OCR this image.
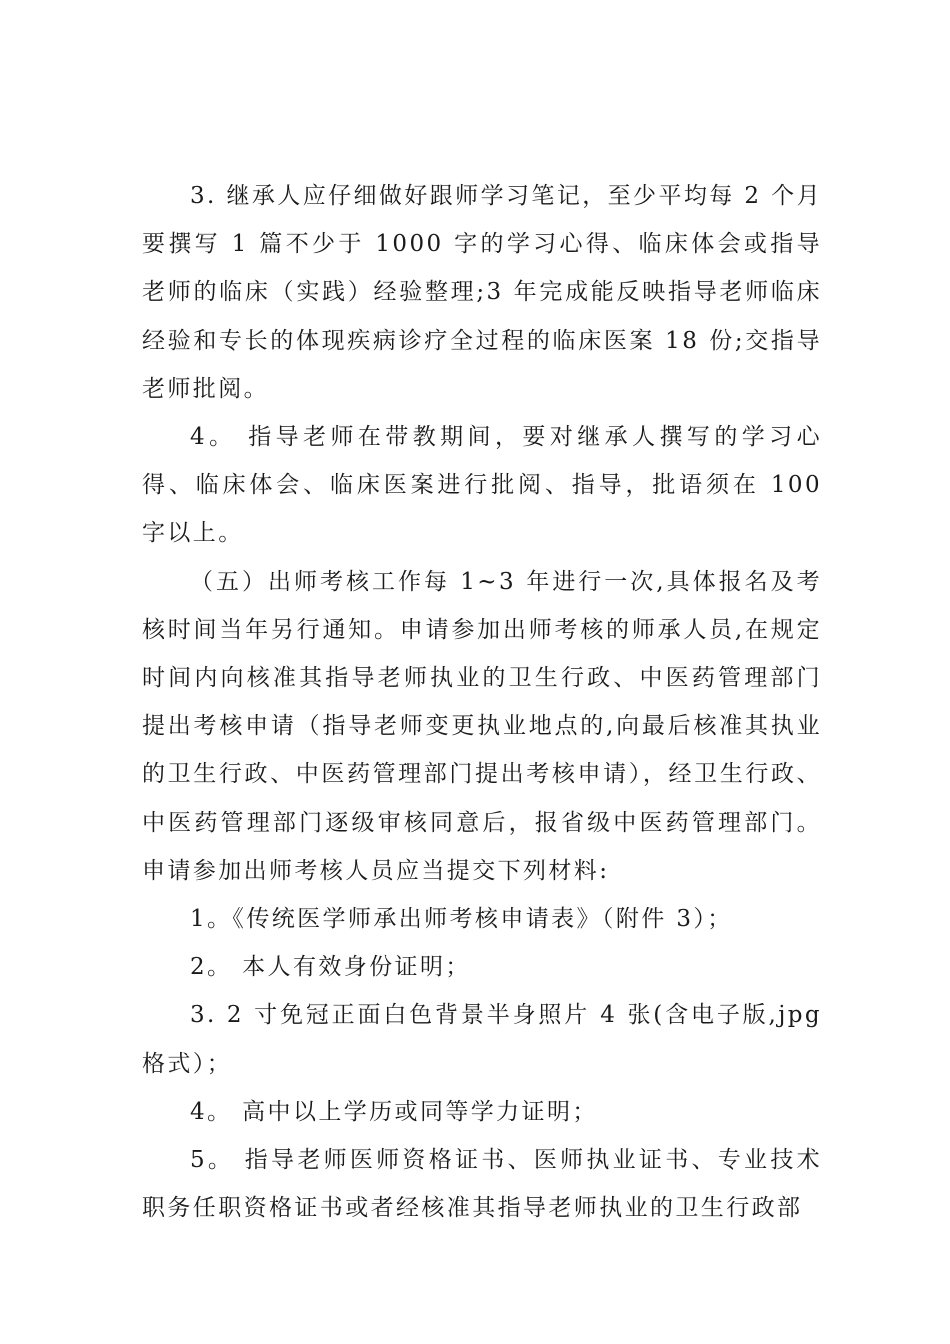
3. 继承人应仔细做好跟师学习笔记，至少平均每 2 个月要撰写 1 篇不少于 1000 字的学习心得、临床体会或指导老师的临床（实践）经验整理;3 年完成能反映指导老师临床经验和专长的体现疾病诊疗全过程的临床医案 18 份;交指导老师批阅。

4。 指导老师在带教期间，要对继承人撰写的学习心得、临床体会、临床医案进行批阅、指导，批语须在 100 字以上。

（五）出师考核工作每 1~3 年进行一次,具体报名及考核时间当年另行通知。申请参加出师考核的师承人员,在规定时间内向核准其指导老师执业的卫生行政、中医药管理部门提出考核申请（指导老师变更执业地点的,向最后核准其执业的卫生行政、中医药管理部门提出考核申请），经卫生行政、中医药管理部门逐级审核同意后，报省级中医药管理部门。申请参加出师考核人员应当提交下列材料:

1。《传统医学师承出师考核申请表》（附件 3）；

2。 本人有效身份证明；

3. 2 寸免冠正面白色背景半身照片 4 张(含电子版,jpg 格式）；

4。 高中以上学历或同等学力证明；

5。 指导老师医师资格证书、医师执业证书、专业技术职务任职资格证书或者经核准其指导老师执业的卫生行政部
